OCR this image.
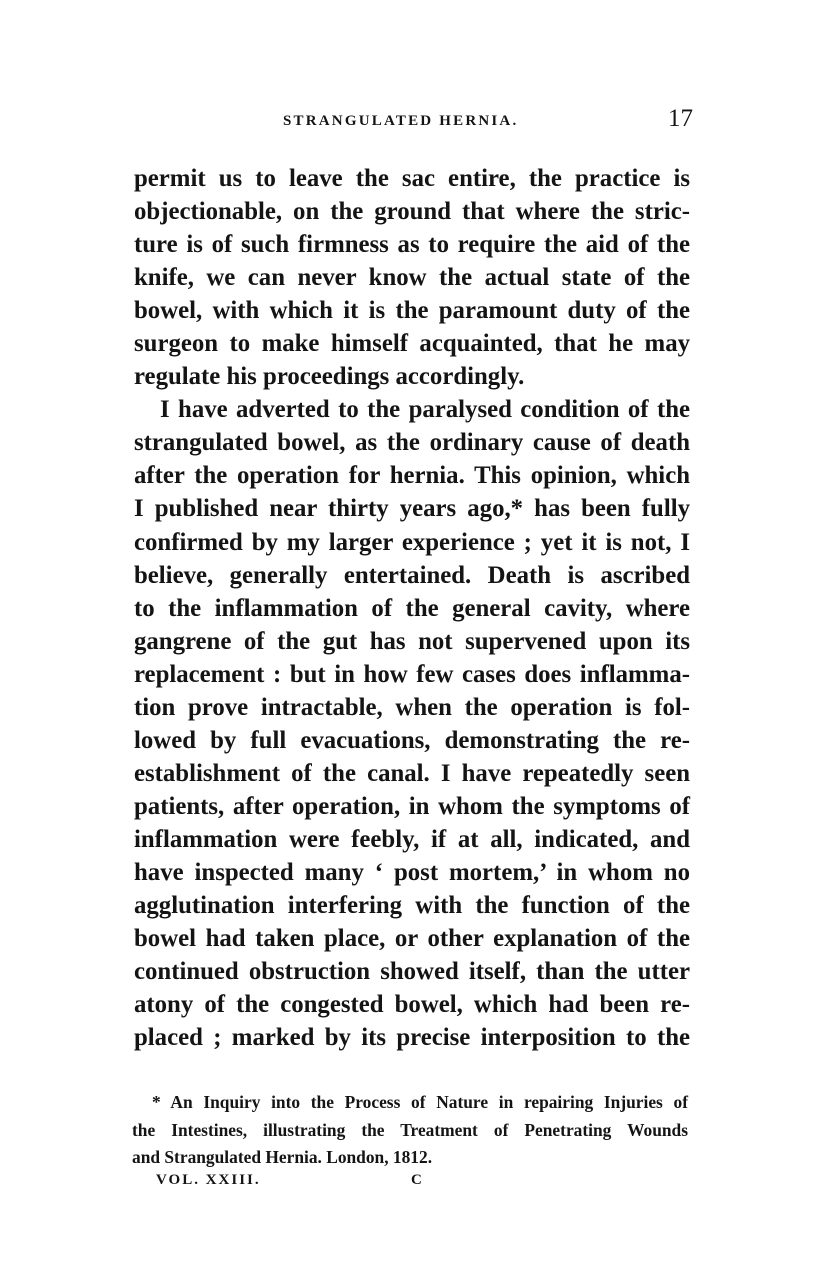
STRANGULATED HERNIA.	17
permit us to leave the sac entire, the practice is
objectionable, on the ground that where the stric-
ture is of such firmness as to require the aid of the
knife, we can never know the actual state of the
bowel, with which it is the paramount duty of the
surgeon to make himself acquainted, that he may
regulate his proceedings accordingly.
I have adverted to the paralysed condition of the
strangulated bowel, as the ordinary cause of death
after the operation for hernia. This opinion, which
I published near thirty years ago,* has been fully
confirmed by my larger experience ; yet it is not, I
believe, generally entertained. Death is ascribed
to the inflammation of the general cavity, where
gangrene of the gut has not supervened upon its
replacement : but in how few cases does inflamma-
tion prove intractable, when the operation is fol-
lowed by full evacuations, demonstrating the re-
establishment of the canal. I have repeatedly seen
patients, after operation, in whom the symptoms of
inflammation were feebly, if at all, indicated, and
have inspected many ‘ post mortem,’ in whom no
agglutination interfering with the function of the
bowel had taken place, or other explanation of the
continued obstruction showed itself, than the utter
atony of the congested bowel, which had been re-
placed ; marked by its precise interposition to the
* An Inquiry into the Process of Nature in repairing Injuries of
the Intestines, illustrating the Treatment of Penetrating Wounds
and Strangulated Hernia. London, 1812.
VOL. XXIII.	C
